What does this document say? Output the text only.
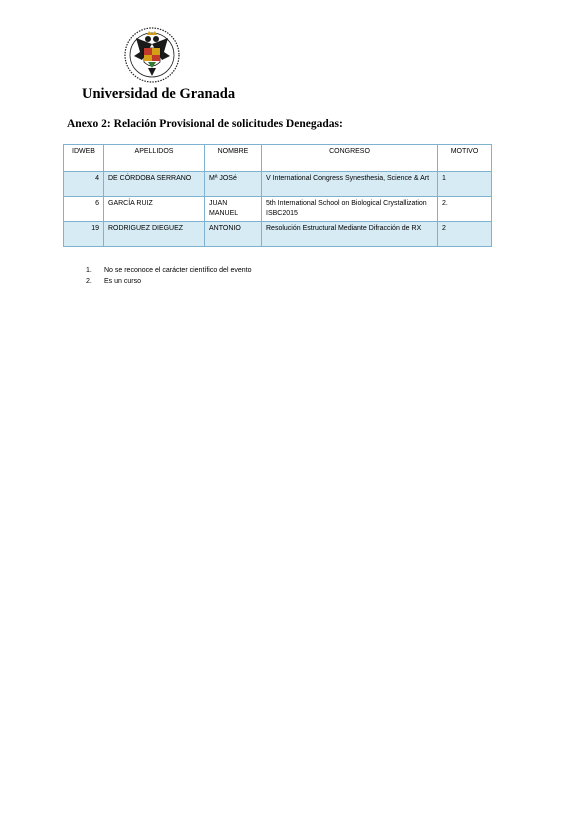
Universidad de Granada
Anexo 2: Relación Provisional de solicitudes Denegadas:
IDWEB	APELLIDOS	NOMBRE	CONGRESO	MOTIVO
4	DE CÓRDOBA SERRANO	Mª JOSé	V International Congress Synesthesia, Science & Art	1
6	GARCÍA RUIZ	JUAN MANUEL	5th International School on Biological Crystallization ISBC2015	2.
19	RODRIGUEZ DIEGUEZ	ANTONIO	Resolución Estructural Mediante Difracción de RX	2
1.	No se reconoce el carácter científico del evento
2.	Es un curso
